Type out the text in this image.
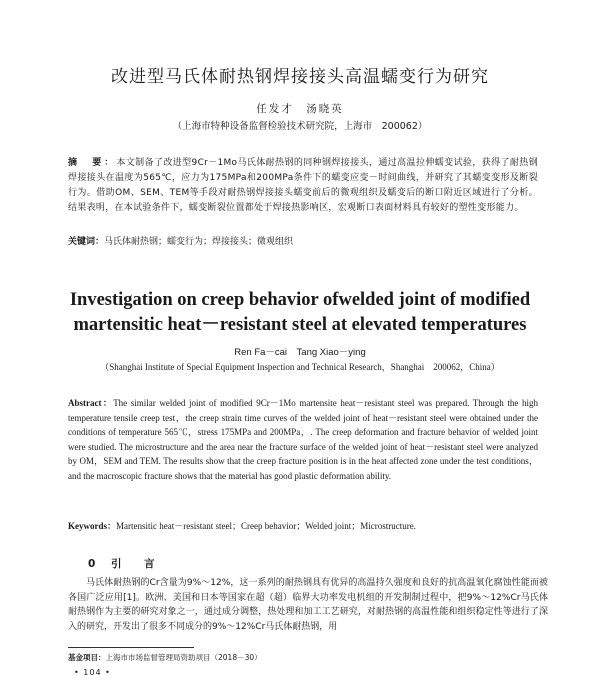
改进型马氏体耐热钢焊接接头高温蠕变行为研究
任发才　汤晓英
（上海市特种设备监督检验技术研究院，上海市　200062）
摘　要：本文制备了改进型9Cr－1Mo马氏体耐热钢的同种钢焊接接头，通过高温拉伸蠕变试验，获得了耐热钢焊接接头在温度为565℃，应力为175MPa和200MPa条件下的蠕变应变－时间曲线，并研究了其蠕变变形及断裂行为。借助OM、SEM、TEM等手段对耐热钢焊接接头蠕变前后的微观组织及蠕变后的断口附近区域进行了分析。结果表明，在本试验条件下，蠕变断裂位置都处于焊接热影响区，宏观断口表面材料具有较好的塑性变形能力。
关键词：马氏体耐热钢；蠕变行为；焊接接头；微观组织
Investigation on creep behavior ofwelded joint of modified
martensitic heat－resistant steel at elevated temperatures
Ren Fa－cai　Tang Xiao－ying
（Shanghai Institute of Special Equipment Inspection and Technical Research，Shanghai　200062，China）
Abstract：The similar welded joint of modified 9Cr－1Mo martensite heat－resistant steel was prepared. Through the high temperature tensile creep test，the creep strain time curves of the welded joint of heat－resistant steel were obtained under the conditions of temperature 565℃，stress 175MPa and 200MPa，. The creep deformation and fracture behavior of welded joint were studied. The microstructure and the area near the fracture surface of the welded joint of heat－resistant steel were analyzed by OM，SEM and TEM. The results show that the creep fracture position is in the heat affected zone under the test conditions，and the macroscopic fracture shows that the material has good plastic deformation ability.
Keywords：Martensitic heat－resistant steel；Creep behavior；Welded joint；Microstructure.
0 引　言
马氏体耐热钢的Cr含量为9%～12%，这一系列的耐热钢具有优异的高温持久强度和良好的抗高温氧化腐蚀性能而被各国广泛应用[1]。欧洲、美国和日本等国家在超（超）临界大功率发电机组的开发制制过程中，把9%～12%Cr马氏体耐热钢作为主要的研究对象之一，通过成分调整，热处理和加工工艺研究，对耐热钢的高温性能和组织稳定性等进行了深入的研究，开发出了很多不同成分的9%～12%Cr马氏体耐热钢，用
基金项目：上海市市场监督管理局资助项目（2018－30）
• 104 •
